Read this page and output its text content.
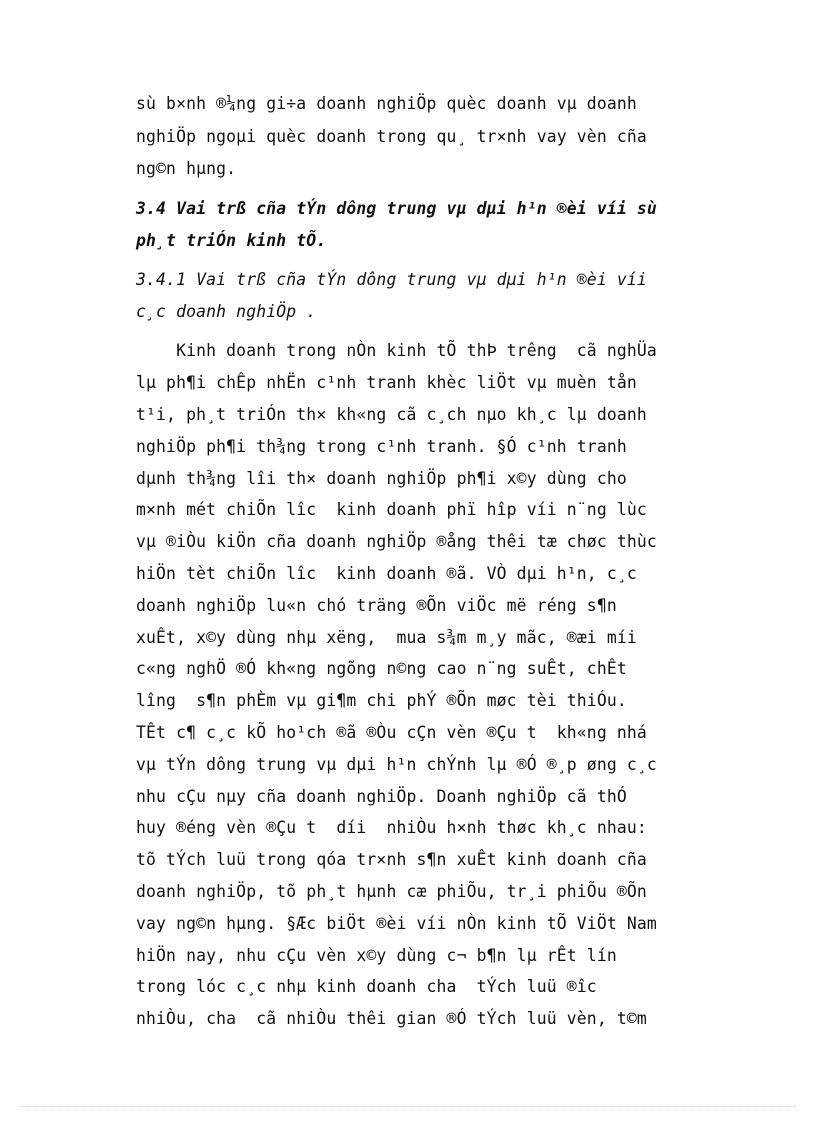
sù b×nh ®¼ng gi÷a doanh nghiÖp quèc doanh vµ doanh
nghiÖp ngoµi quèc doanh trong qu¸ tr×nh vay vèn cña
ng©n hµng.
3.4 Vai trß cña tÝn dông trung vµ dµi h¹n ®èi víi sù
ph¸t triÓn kinh tÕ.
3.4.1 Vai trß cña tÝn dông trung vµ dµi h¹n ®èi víi
c¸c doanh nghiÖp .
Kinh doanh trong nÒn kinh tÕ thÞ trêng  cã nghÜa
lµ ph¶i chÊp nhËn c¹nh tranh khèc liÖt vµ muèn tån
t¹i, ph¸t triÓn th× kh«ng cã c¸ch nµo kh¸c lµ doanh
nghiÖp ph¶i th¾ng trong c¹nh tranh. §Ó c¹nh tranh
dµnh th¾ng lîi th× doanh nghiÖp ph¶i x©y dùng cho
m×nh mét chiÕn lîc  kinh doanh phï hîp víi n¨ng lùc
vµ ®iÒu kiÖn cña doanh nghiÖp ®ång thêi tæ chøc thùc
hiÖn tèt chiÕn lîc  kinh doanh ®ã. VÒ dµi h¹n, c¸c
doanh nghiÖp lu«n chó träng ®Õn viÖc më réng s¶n
xuÊt, x©y dùng nhµ xëng,  mua s¾m m¸y mãc, ®æi míi
c«ng nghÖ ®Ó kh«ng ngõng n©ng cao n¨ng suÊt, chÊt
lîng  s¶n phÈm vµ gi¶m chi phÝ ®Õn møc tèi thiÓu.
TÊt c¶ c¸c kÕ ho¹ch ®ã ®Òu cÇn vèn ®Çu t  kh«ng nhá
vµ tÝn dông trung vµ dµi h¹n chÝnh lµ ®Ó ®¸p øng c¸c
nhu cÇu nµy cña doanh nghiÖp. Doanh nghiÖp cã thÓ
huy ®éng vèn ®Çu t  díi  nhiÒu h×nh thøc kh¸c nhau:
tõ tÝch luü trong qóa tr×nh s¶n xuÊt kinh doanh cña
doanh nghiÖp, tõ ph¸t hµnh cæ phiÕu, tr¸i phiÕu ®Õn
vay ng©n hµng. §Æc biÖt ®èi víi nÒn kinh tÕ ViÖt Nam
hiÖn nay, nhu cÇu vèn x©y dùng c¬ b¶n lµ rÊt lín
trong lóc c¸c nhµ kinh doanh cha  tÝch luü ®îc
nhiÒu, cha  cã nhiÒu thêi gian ®Ó tÝch luü vèn, t©m
